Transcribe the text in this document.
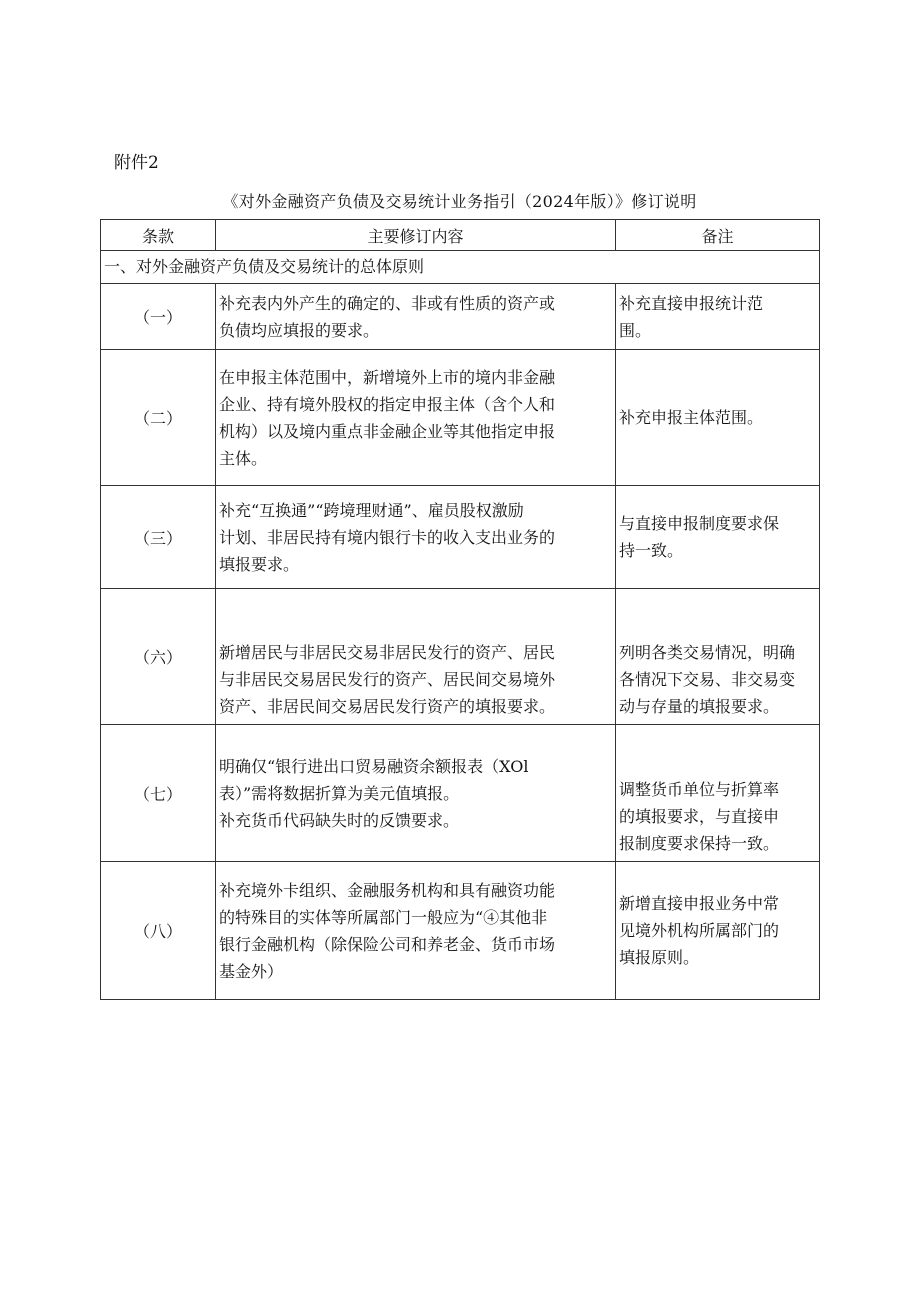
附件2
《对外金融资产负债及交易统计业务指引（2024年版）》修订说明
条款	主要修订内容	备注
一、对外金融资产负债及交易统计的总体原则		
（一）	补充表内外产生的确定的、非或有性质的资产或
负债均应填报的要求。	补充直接申报统计范
围。

（二）	在申报主体范围中，新增境外上市的境内非金融
企业、持有境外股权的指定申报主体（含个人和
机构）以及境内重点非金融企业等其他指定申报
主体。	补充申报主体范围。

（三）	补充“互换通”“跨境理财通”、雇员股权激励
计划、非居民持有境内银行卡的收入支出业务的
填报要求。	与直接申报制度要求保
持一致。

（六）	新增居民与非居民交易非居民发行的资产、居民
与非居民交易居民发行的资产、居民间交易境外
资产、非居民间交易居民发行资产的填报要求。	列明各类交易情况，明确
各情况下交易、非交易变
动与存量的填报要求。

（七）	明确仅“银行进出口贸易融资余额报表（XOl
表）”需将数据折算为美元值填报。
补充货币代码缺失时的反馈要求。	调整货币单位与折算率
的填报要求，与直接申
报制度要求保持一致。

（八）	补充境外卡组织、金融服务机构和具有融资功能
的特殊目的实体等所属部门一般应为“④其他非
银行金融机构（除保险公司和养老金、货币市场
基金外）	新增直接申报业务中常
见境外机构所属部门的
填报原则。
